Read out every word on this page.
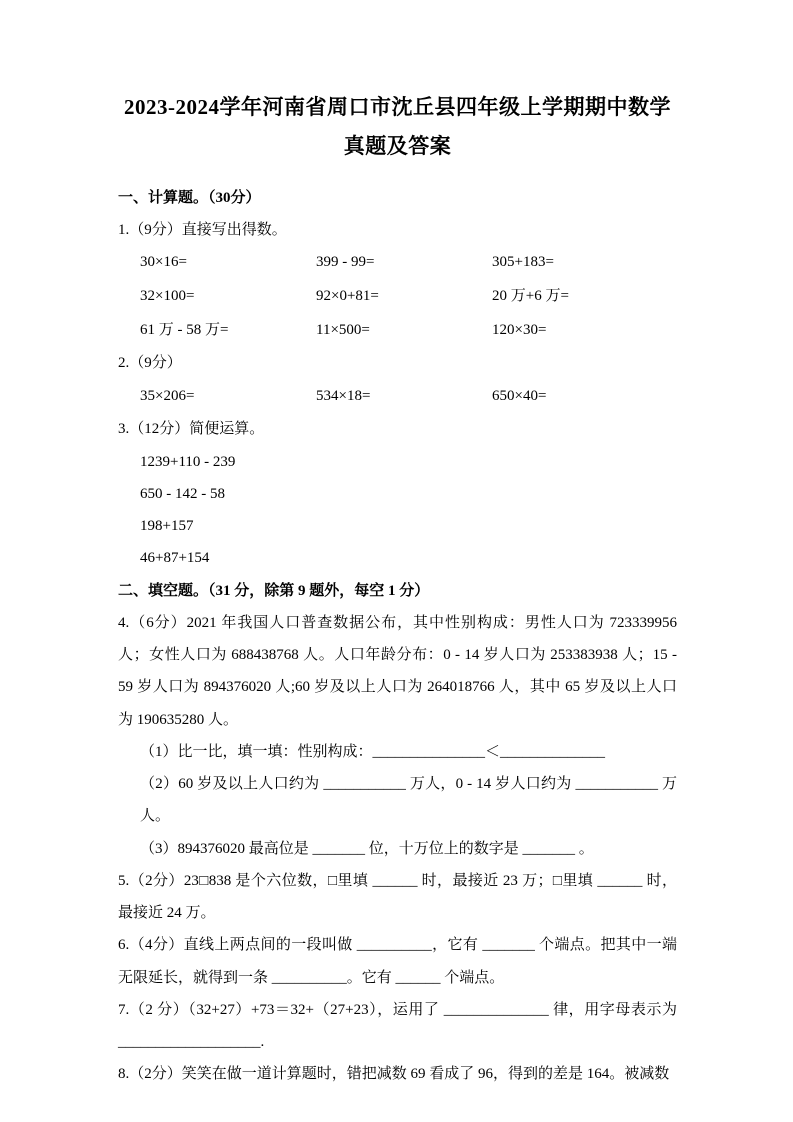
2023-2024学年河南省周口市沈丘县四年级上学期期中数学
真题及答案

一、计算题。（30分）

1.（9分）直接写出得数。

30×16=	399 - 99=	305+183=
32×100=	92×0+81=	20 万+6 万=
61 万 - 58 万=	11×500=	120×30=

2.（9分）

35×206=	534×18=	650×40=

3.（12分）简便运算。

1239+110 - 239

650 - 142 - 58

198+157

46+87+154

二、填空题。（31 分，除第 9 题外，每空 1 分）

4.（6分）2021 年我国人口普查数据公布，其中性别构成：男性人口为 723339956 人；女性人口为 688438768 人。人口年龄分布：0 - 14 岁人口为 253383938 人；15 - 59 岁人口为 894376020 人;60 岁及以上人口为 264018766 人，其中 65 岁及以上人口为 190635280 人。

（1）比一比，填一填：性别构成：_______________＜______________

（2）60 岁及以上人口约为 ___________ 万人，0 - 14 岁人口约为 ___________ 万人。

（3）894376020 最高位是 _______ 位，十万位上的数字是 _______ 。

5.（2分）23□838 是个六位数，□里填 ______ 时，最接近 23 万；□里填 ______ 时，最接近 24 万。

6.（4分）直线上两点间的一段叫做 __________，它有 _______ 个端点。把其中一端无限延长，就得到一条 __________。它有 ______ 个端点。

7.（2 分）（32+27）+73＝32+（27+23），运用了 ______________ 律，用字母表示为___________________.

8.（2分）笑笑在做一道计算题时，错把减数 69 看成了 96，得到的差是 164。被减数
